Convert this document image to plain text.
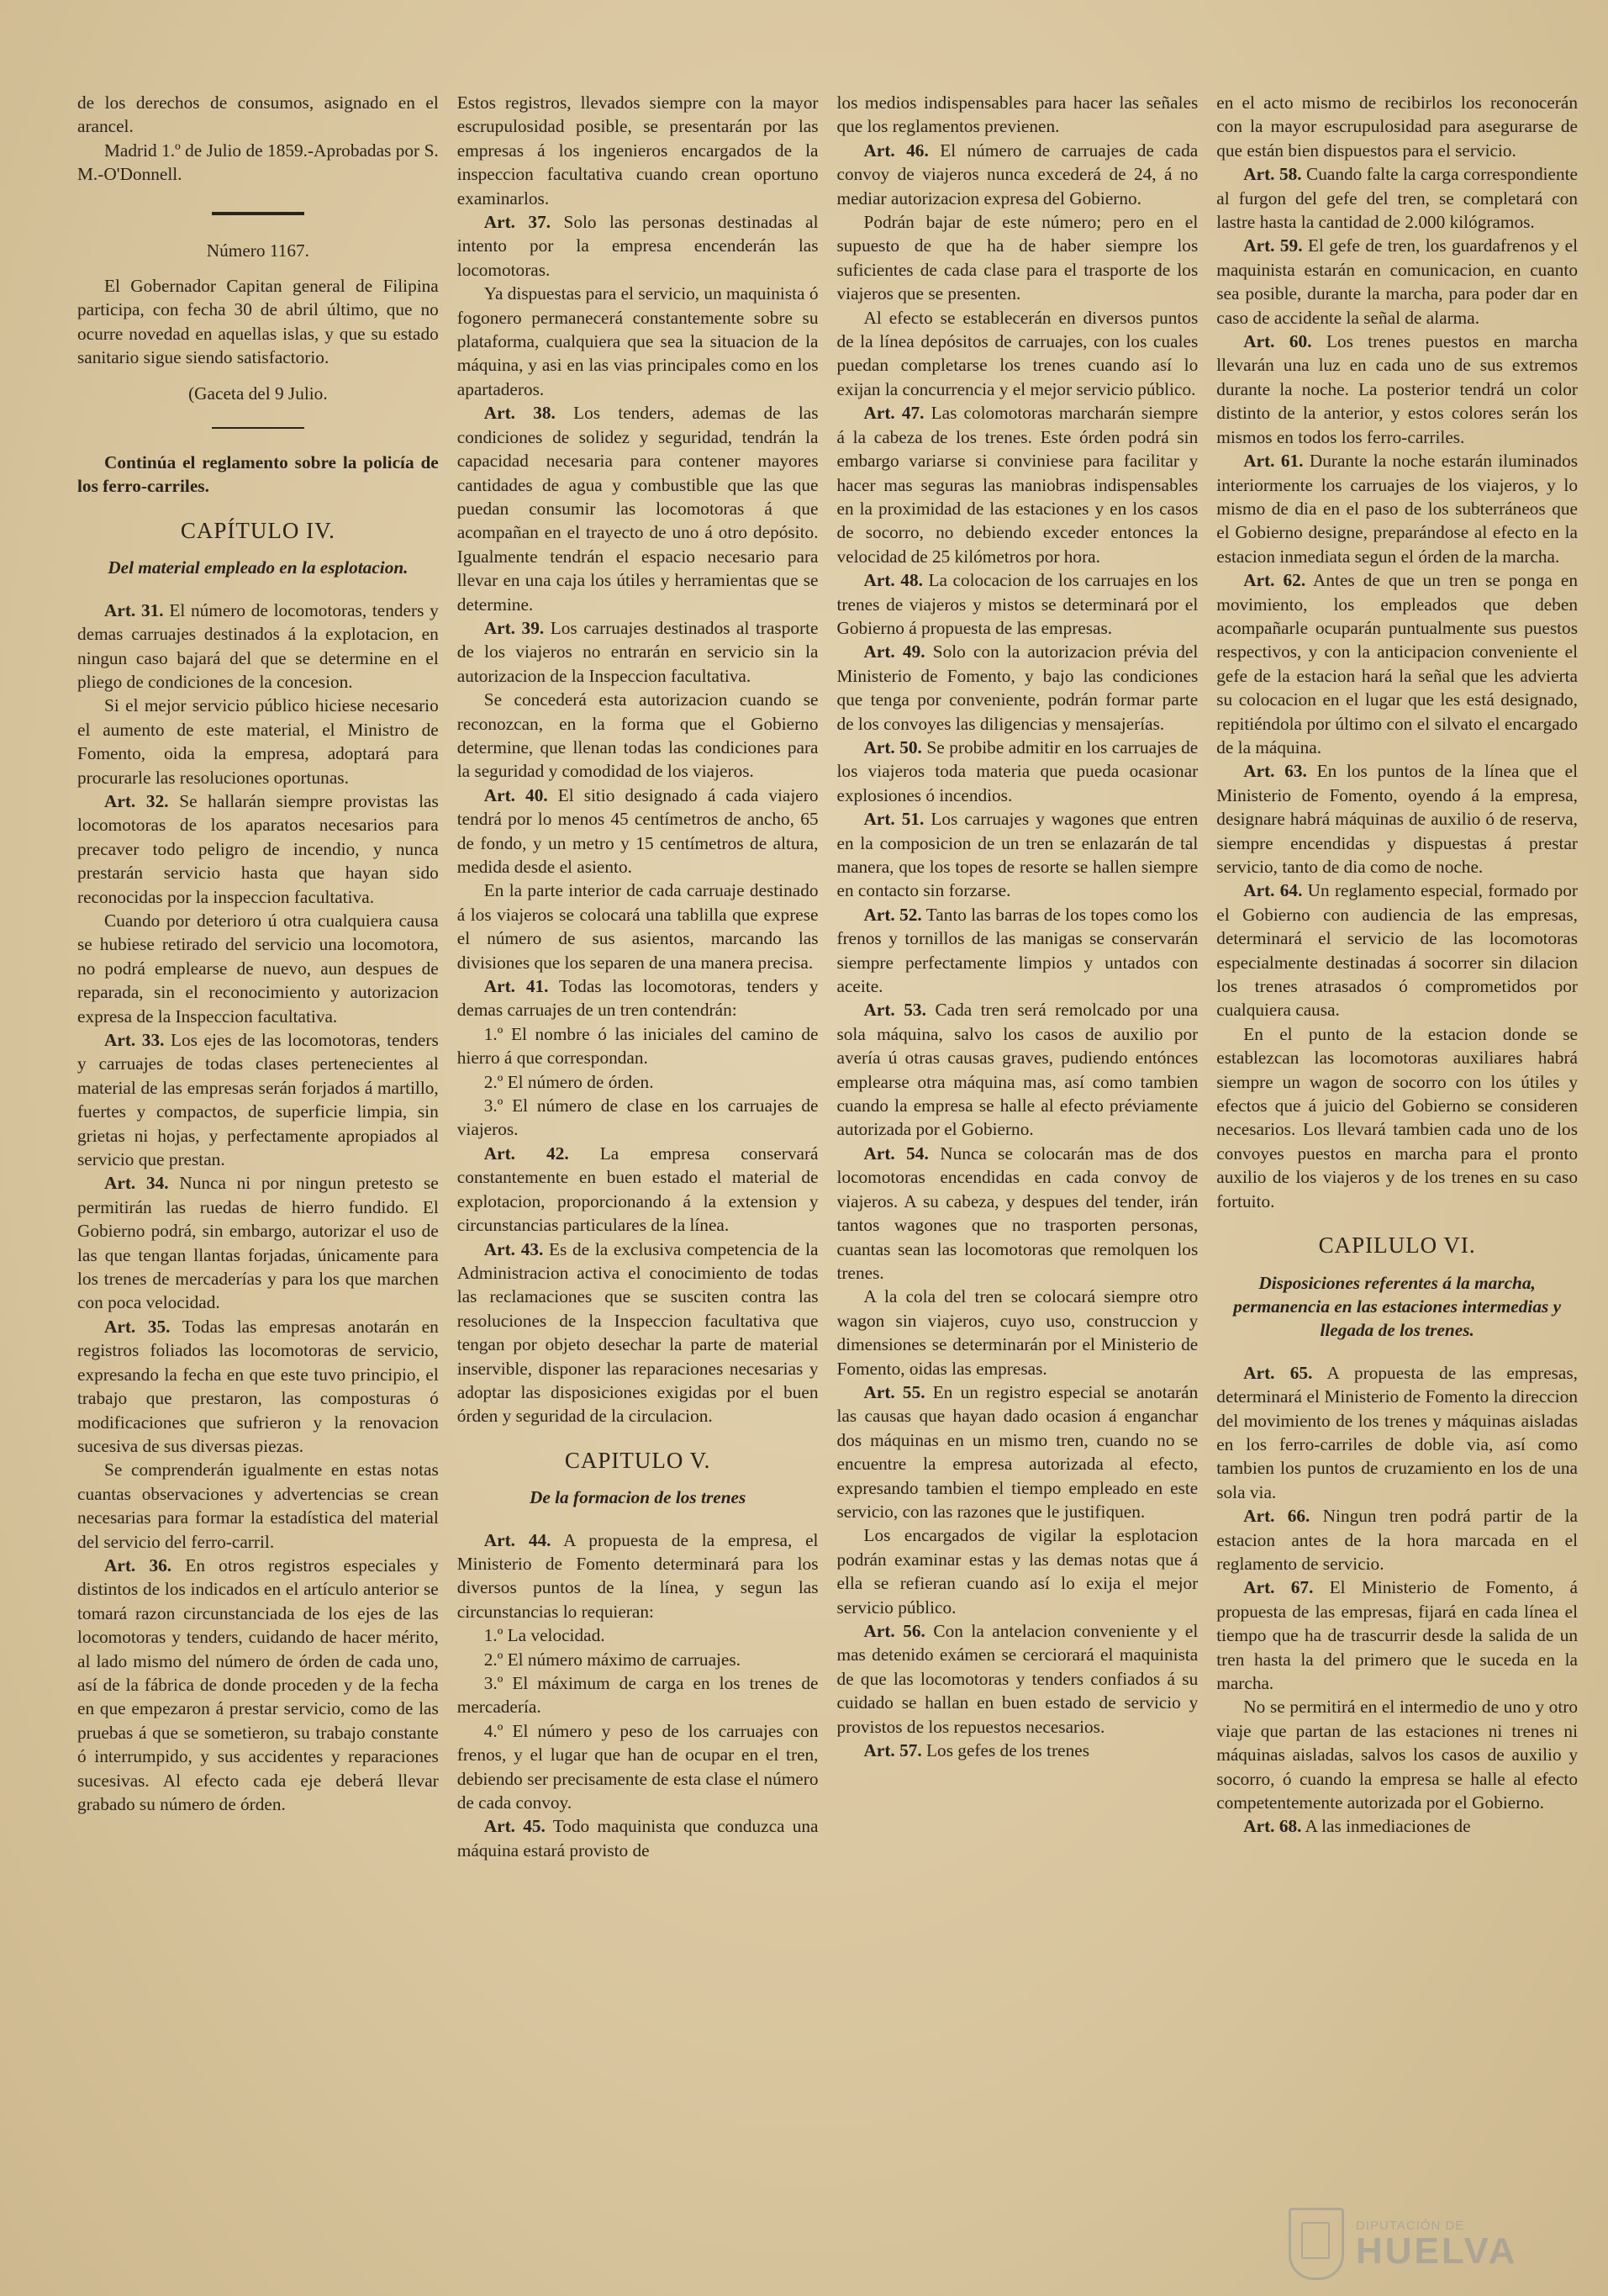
de los derechos de consumos, asignado en el arancel.

Madrid 1.º de Julio de 1859.-Aprobadas por S. M.-O'Donnell.

Número 1167.

El Gobernador Capitan general de Filipina participa, con fecha 30 de abril último, que no ocurre novedad en aquellas islas, y que su estado sanitario sigue siendo satisfactorio.

(Gaceta del 9 Julio.

Continúa el reglamento sobre la policía de los ferro-carriles.

CAPÍTULO IV.
Del material empleado en la esplotacion.

Art. 31. El número de locomotoras, tenders y demas carruajes destinados á la explotacion, en ningun caso bajará del que se determine en el pliego de condiciones de la concesion.

Si el mejor servicio público hiciese necesario el aumento de este material, el Ministro de Fomento, oida la empresa, adoptará para procurarle las resoluciones oportunas.

Art. 32. Se hallarán siempre provistas las locomotoras de los aparatos necesarios para precaver todo peligro de incendio, y nunca prestarán servicio hasta que hayan sido reconocidas por la inspeccion facultativa.

Cuando por deterioro ú otra cualquiera causa se hubiese retirado del servicio una locomotora, no podrá emplearse de nuevo, aun despues de reparada, sin el reconocimiento y autorizacion expresa de la Inspeccion facultativa.

Art. 33. Los ejes de las locomotoras, tenders y carruajes de todas clases pertenecientes al material de las empresas serán forjados á martillo, fuertes y compactos, de superficie limpia, sin grietas ni hojas, y perfectamente apropiados al servicio que prestan.

Art. 34. Nunca ni por ningun pretesto se permitirán las ruedas de hierro fundido. El Gobierno podrá, sin embargo, autorizar el uso de las que tengan llantas forjadas, únicamente para los trenes de mercaderías y para los que marchen con poca velocidad.

Art. 35. Todas las empresas anotarán en registros foliados las locomotoras de servicio, expresando la fecha en que este tuvo principio, el trabajo que prestaron, las composturas ó modificaciones que sufrieron y la renovacion sucesiva de sus diversas piezas.

Se comprenderán igualmente en estas notas cuantas observaciones y advertencias se crean necesarias para formar la estadística del material del servicio del ferro-carril.

Art. 36. En otros registros especiales y distintos de los indicados en el artículo anterior se tomará razon circunstanciada de los ejes de las locomotoras y tenders, cuidando de hacer mérito, al lado mismo del número de órden de cada uno, así de la fábrica de donde proceden y de la fecha en que empezaron á prestar servicio, como de las pruebas á que se sometieron, su trabajo constante ó interrumpido, y sus accidentes y reparaciones sucesivas. Al efecto cada eje deberá llevar grabado su número de órden.

Estos registros, llevados siempre con la mayor escrupulosidad posible, se presentarán por las empresas á los ingenieros encargados de la inspeccion facultativa cuando crean oportuno examinarlos.

Art. 37. Solo las personas destinadas al intento por la empresa encenderán las locomotoras.

Ya dispuestas para el servicio, un maquinista ó fogonero permanecerá constantemente sobre su plataforma, cualquiera que sea la situacion de la máquina, y asi en las vias principales como en los apartaderos.

Art. 38. Los tenders, ademas de las condiciones de solidez y seguridad, tendrán la capacidad necesaria para contener mayores cantidades de agua y combustible que las que puedan consumir las locomotoras á que acompañan en el trayecto de uno á otro depósito. Igualmente tendrán el espacio necesario para llevar en una caja los útiles y herramientas que se determine.

Art. 39. Los carruajes destinados al trasporte de los viajeros no entrarán en servicio sin la autorizacion de la Inspeccion facultativa.

Se concederá esta autorizacion cuando se reconozcan, en la forma que el Gobierno determine, que llenan todas las condiciones para la seguridad y comodidad de los viajeros.

Art. 40. El sitio designado á cada viajero tendrá por lo menos 45 centímetros de ancho, 65 de fondo, y un metro y 15 centímetros de altura, medida desde el asiento.

En la parte interior de cada carruaje destinado á los viajeros se colocará una tablilla que exprese el número de sus asientos, marcando las divisiones que los separen de una manera precisa.

Art. 41. Todas las locomotoras, tenders y demas carruajes de un tren contendrán:

1.º El nombre ó las iniciales del camino de hierro á que correspondan.

2.º El número de órden.

3.º El número de clase en los carruajes de viajeros.

Art. 42. La empresa conservará constantemente en buen estado el material de explotacion, proporcionando á la extension y circunstancias particulares de la línea.

Art. 43. Es de la exclusiva competencia de la Administracion activa el conocimiento de todas las reclamaciones que se susciten contra las resoluciones de la Inspeccion facultativa que tengan por objeto desechar la parte de material inservible, disponer las reparaciones necesarias y adoptar las disposiciones exigidas por el buen órden y seguridad de la circulacion.

CAPITULO V.
De la formacion de los trenes

Art. 44. A propuesta de la empresa, el Ministerio de Fomento determinará para los diversos puntos de la línea, y segun las circunstancias lo requieran:

1.º La velocidad.

2.º El número máximo de carruajes.

3.º El máximum de carga en los trenes de mercadería.

4.º El número y peso de los carruajes con frenos, y el lugar que han de ocupar en el tren, debiendo ser precisamente de esta clase el número de cada convoy.

Art. 45. Todo maquinista que conduzca una máquina estará provisto de

los medios indispensables para hacer las señales que los reglamentos previenen.

Art. 46. El número de carruajes de cada convoy de viajeros nunca excederá de 24, á no mediar autorizacion expresa del Gobierno.

Podrán bajar de este número; pero en el supuesto de que ha de haber siempre los suficientes de cada clase para el trasporte de los viajeros que se presenten.

Al efecto se establecerán en diversos puntos de la línea depósitos de carruajes, con los cuales puedan completarse los trenes cuando así lo exijan la concurrencia y el mejor servicio público.

Art. 47. Las colomotoras marcharán siempre á la cabeza de los trenes. Este órden podrá sin embargo variarse si conviniese para facilitar y hacer mas seguras las maniobras indispensables en la proximidad de las estaciones y en los casos de socorro, no debiendo exceder entonces la velocidad de 25 kilómetros por hora.

Art. 48. La colocacion de los carruajes en los trenes de viajeros y mistos se determinará por el Gobierno á propuesta de las empresas.

Art. 49. Solo con la autorizacion prévia del Ministerio de Fomento, y bajo las condiciones que tenga por conveniente, podrán formar parte de los convoyes las diligencias y mensajerías.

Art. 50. Se probibe admitir en los carruajes de los viajeros toda materia que pueda ocasionar explosiones ó incendios.

Art. 51. Los carruajes y wagones que entren en la composicion de un tren se enlazarán de tal manera, que los topes de resorte se hallen siempre en contacto sin forzarse.

Art. 52. Tanto las barras de los topes como los frenos y tornillos de las manigas se conservarán siempre perfectamente limpios y untados con aceite.

Art. 53. Cada tren será remolcado por una sola máquina, salvo los casos de auxilio por avería ú otras causas graves, pudiendo entónces emplearse otra máquina mas, así como tambien cuando la empresa se halle al efecto préviamente autorizada por el Gobierno.

Art. 54. Nunca se colocarán mas de dos locomotoras encendidas en cada convoy de viajeros. A su cabeza, y despues del tender, irán tantos wagones que no trasporten personas, cuantas sean las locomotoras que remolquen los trenes.

A la cola del tren se colocará siempre otro wagon sin viajeros, cuyo uso, construccion y dimensiones se determinarán por el Ministerio de Fomento, oidas las empresas.

Art. 55. En un registro especial se anotarán las causas que hayan dado ocasion á enganchar dos máquinas en un mismo tren, cuando no se encuentre la empresa autorizada al efecto, expresando tambien el tiempo empleado en este servicio, con las razones que le justifiquen.

Los encargados de vigilar la esplotacion podrán examinar estas y las demas notas que á ella se refieran cuando así lo exija el mejor servicio público.

Art. 56. Con la antelacion conveniente y el mas detenido exámen se cerciorará el maquinista de que las locomotoras y tenders confiados á su cuidado se hallan en buen estado de servicio y provistos de los repuestos necesarios.

Art. 57. Los gefes de los trenes

en el acto mismo de recibirlos los reconocerán con la mayor escrupulosidad para asegurarse de que están bien dispuestos para el servicio.

Art. 58. Cuando falte la carga correspondiente al furgon del gefe del tren, se completará con lastre hasta la cantidad de 2.000 kilógramos.

Art. 59. El gefe de tren, los guardafrenos y el maquinista estarán en comunicacion, en cuanto sea posible, durante la marcha, para poder dar en caso de accidente la señal de alarma.

Art. 60. Los trenes puestos en marcha llevarán una luz en cada uno de sus extremos durante la noche. La posterior tendrá un color distinto de la anterior, y estos colores serán los mismos en todos los ferro-carriles.

Art. 61. Durante la noche estarán iluminados interiormente los carruajes de los viajeros, y lo mismo de dia en el paso de los subterráneos que el Gobierno designe, preparándose al efecto en la estacion inmediata segun el órden de la marcha.

Art. 62. Antes de que un tren se ponga en movimiento, los empleados que deben acompañarle ocuparán puntualmente sus puestos respectivos, y con la anticipacion conveniente el gefe de la estacion hará la señal que les advierta su colocacion en el lugar que les está designado, repitiéndola por último con el silvato el encargado de la máquina.

Art. 63. En los puntos de la línea que el Ministerio de Fomento, oyendo á la empresa, designare habrá máquinas de auxilio ó de reserva, siempre encendidas y dispuestas á prestar servicio, tanto de dia como de noche.

Art. 64. Un reglamento especial, formado por el Gobierno con audiencia de las empresas, determinará el servicio de las locomotoras especialmente destinadas á socorrer sin dilacion los trenes atrasados ó comprometidos por cualquiera causa.

En el punto de la estacion donde se establezcan las locomotoras auxiliares habrá siempre un wagon de socorro con los útiles y efectos que á juicio del Gobierno se consideren necesarios. Los llevará tambien cada uno de los convoyes puestos en marcha para el pronto auxilio de los viajeros y de los trenes en su caso fortuito.

CAPILULO VI.
Disposiciones referentes á la marcha, permanencia en las estaciones intermedias y llegada de los trenes.

Art. 65. A propuesta de las empresas, determinará el Ministerio de Fomento la direccion del movimiento de los trenes y máquinas aisladas en los ferro-carriles de doble via, así como tambien los puntos de cruzamiento en los de una sola via.

Art. 66. Ningun tren podrá partir de la estacion antes de la hora marcada en el reglamento de servicio.

Art. 67. El Ministerio de Fomento, á propuesta de las empresas, fijará en cada línea el tiempo que ha de trascurrir desde la salida de un tren hasta la del primero que le suceda en la marcha.

No se permitirá en el intermedio de uno y otro viaje que partan de las estaciones ni trenes ni máquinas aisladas, salvos los casos de auxilio y socorro, ó cuando la empresa se halle al efecto competentemente autorizada por el Gobierno.

Art. 68. A las inmediaciones de

DIPUTACIÓN DE
HUELVA
